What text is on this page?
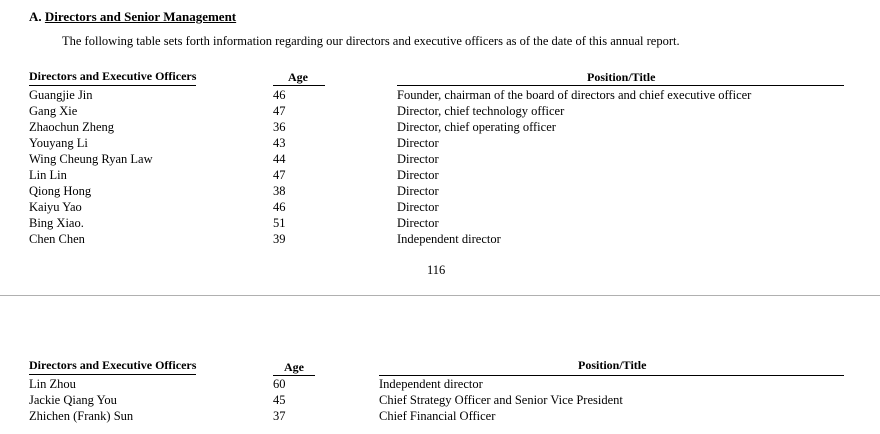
A. Directors and Senior Management
The following table sets forth information regarding our directors and executive officers as of the date of this annual report.
Directors and Executive Officers	Age	Position/Title
Guangjie Jin	46	Founder, chairman of the board of directors and chief executive officer
Gang Xie	47	Director, chief technology officer
Zhaochun Zheng	36	Director, chief operating officer
Youyang Li	43	Director
Wing Cheung Ryan Law	44	Director
Lin Lin	47	Director
Qiong Hong	38	Director
Kaiyu Yao	46	Director
Bing Xiao.	51	Director
Chen Chen	39	Independent director
116
Directors and Executive Officers	Age	Position/Title
Lin Zhou	60	Independent director
Jackie Qiang You	45	Chief Strategy Officer and Senior Vice President
Zhichen (Frank) Sun	37	Chief Financial Officer
